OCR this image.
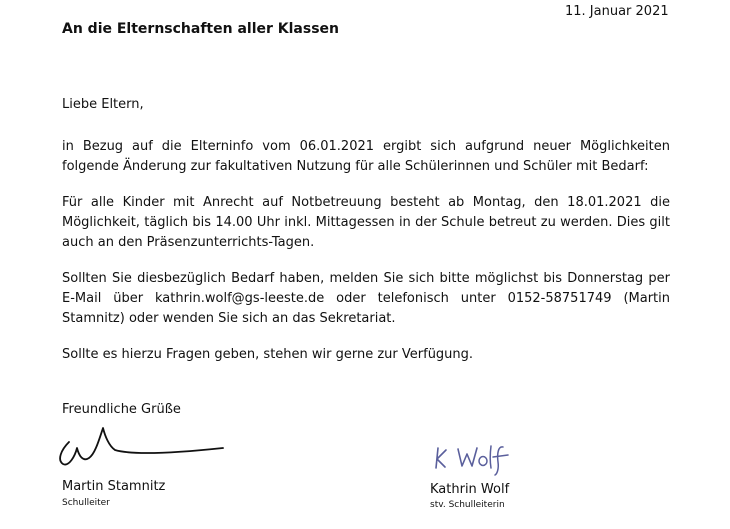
11. Januar 2021
An die Elternschaften aller Klassen

Liebe Eltern,

in Bezug auf die Elterninfo vom 06.01.2021 ergibt sich aufgrund neuer Möglichkeiten folgende Änderung zur fakultativen Nutzung für alle Schülerinnen und Schüler mit Bedarf:

Für alle Kinder mit Anrecht auf Notbetreuung besteht ab Montag, den 18.01.2021 die Möglichkeit, täglich bis 14.00 Uhr inkl. Mittagessen in der Schule betreut zu werden. Dies gilt auch an den Präsenzunterrichts-Tagen.

Sollten Sie diesbezüglich Bedarf haben, melden Sie sich bitte möglichst bis Donnerstag per E-Mail über kathrin.wolf@gs-leeste.de oder telefonisch unter 0152-58751749 (Martin Stamnitz) oder wenden Sie sich an das Sekretariat.

Sollte es hierzu Fragen geben, stehen wir gerne zur Verfügung.

Freundliche Grüße

Martin Stamnitz
Schulleiter
Kathrin Wolf
stv. Schulleiterin
